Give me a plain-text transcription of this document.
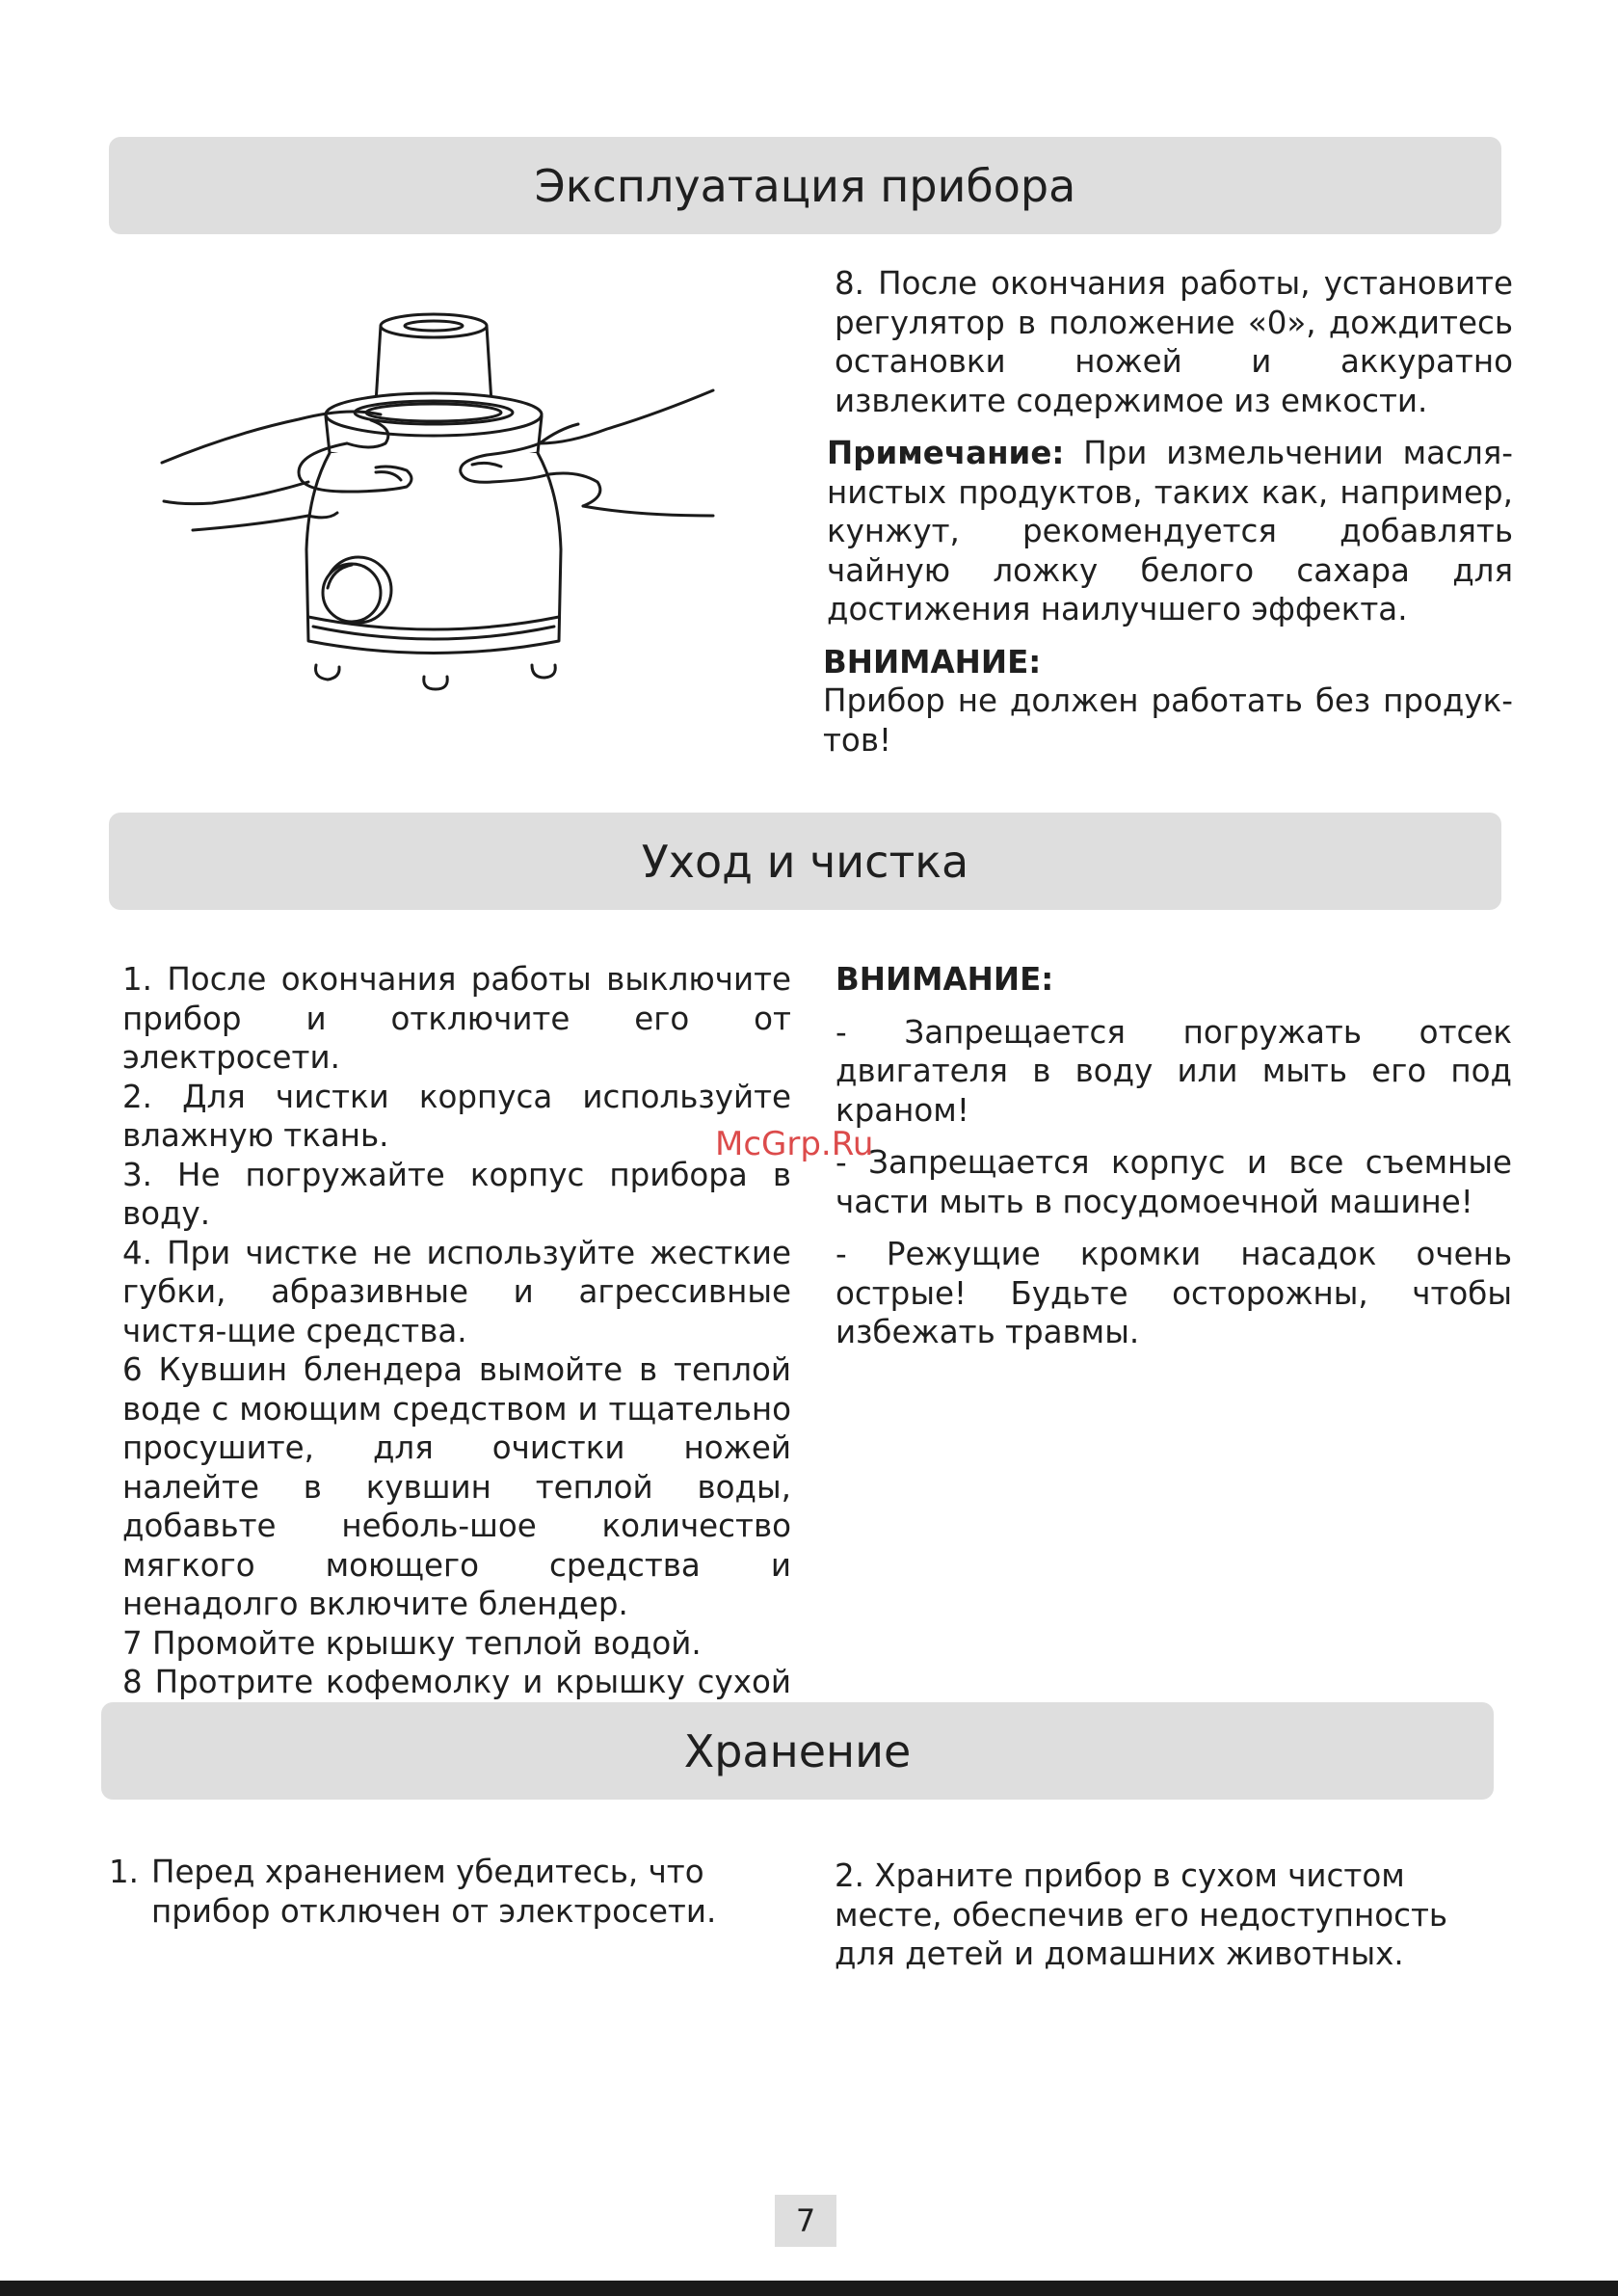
Эксплуатация прибора

8. После окончания работы, установите регулятор в положение «0», дождитесь остановки ножей и аккуратно извлеките содержимое из емкости.

Примечание: При измельчении масля-нистых продуктов, таких как, например, кунжут, рекомендуется добавлять чайную ложку белого сахара для достижения наилучшего эффекта.

ВНИМАНИЕ:

Прибор не должен работать без продук-тов!

Уход и чистка

1. После окончания работы выключите прибор и отключите его от электросети.

2. Для чистки корпуса используйте влажную ткань.

3. Не погружайте корпус прибора в воду.

4. При чистке не используйте жесткие губки, абразивные и агрессивные чистя-щие средства.

6 Кувшин блендера вымойте в теплой воде с моющим средством и тщательно просушите, для очистки ножей налейте в кувшин теплой воды, добавьте неболь-шое количество мягкого моющего средства и ненадолго включите блендер.

7 Промойте крышку теплой водой.

8 Протрите кофемолку и крышку сухой

ВНИМАНИЕ:

- Запрещается погружать отсек двигателя в воду или мыть его под краном!

- Запрещается корпус и все съемные части мыть в посудомоечной машине!

- Режущие кромки насадок очень острые! Будьте осторожны, чтобы избежать травмы.

McGrp.Ru
Хранение
1. Перед хранением убедитесь, что прибор отключен от электросети.

2. Храните прибор в сухом чистом месте, обеспечив его недоступность для детей и домашних животных.

7
